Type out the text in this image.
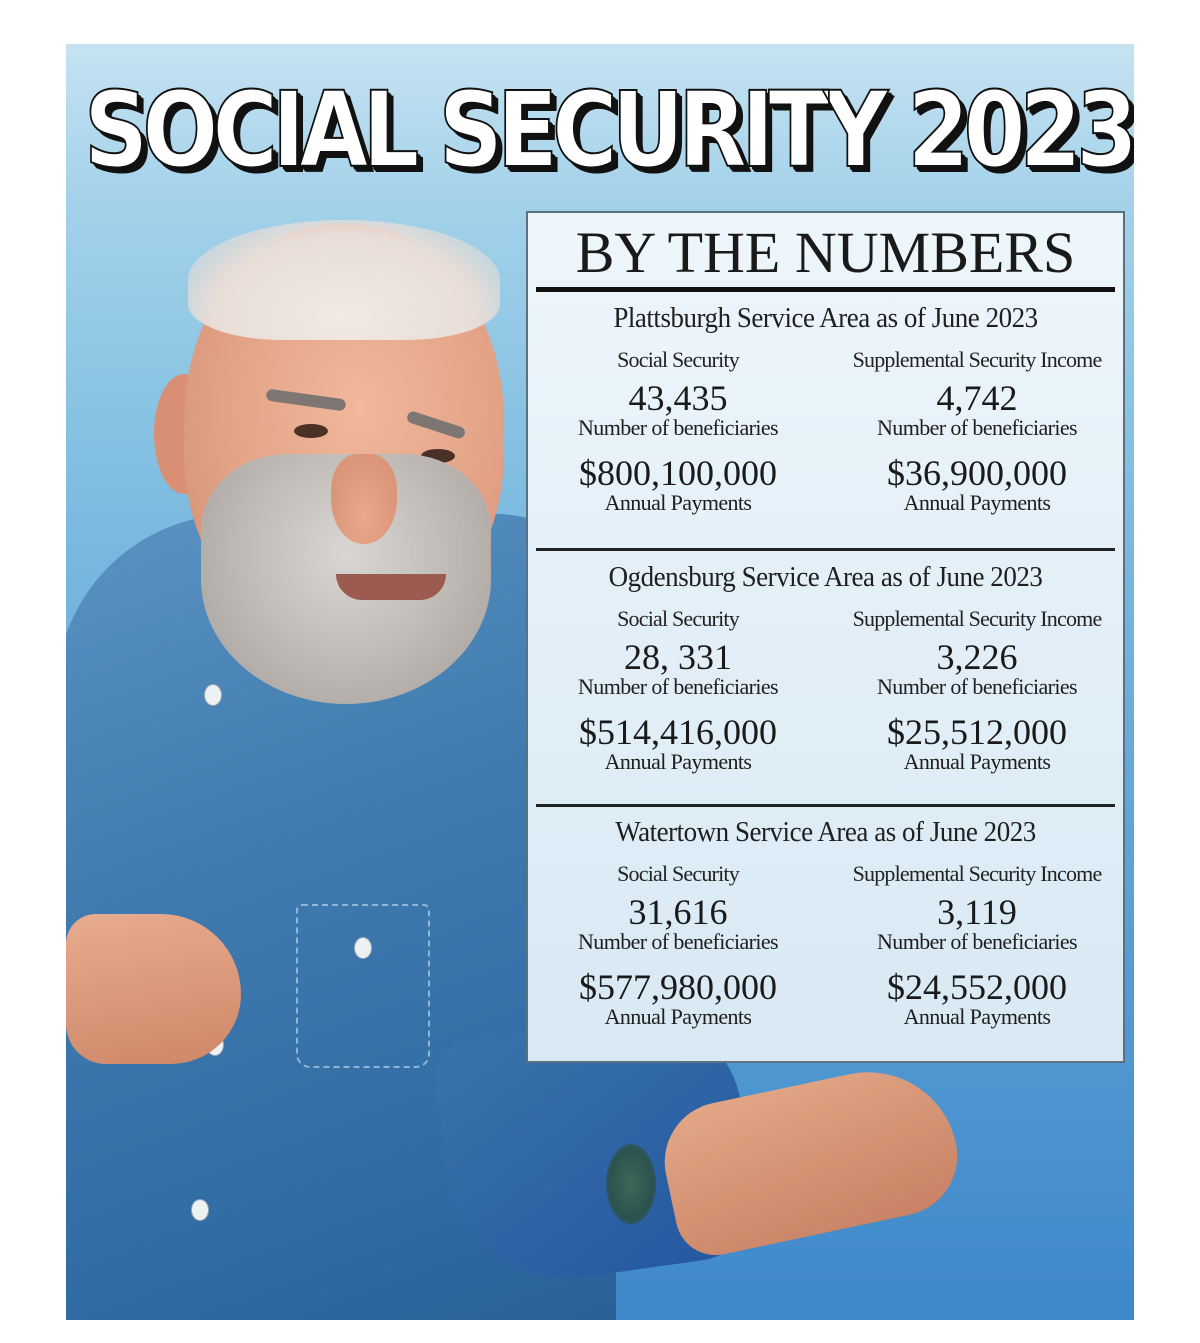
SOCIAL SECURITY 2023
BY THE NUMBERS
Plattsburgh Service Area as of June 2023
Social Security
43,435
Number of beneficiaries
$800,100,000
Annual Payments
Supplemental Security Income
4,742
Number of beneficiaries
$36,900,000
Annual Payments
Ogdensburg Service Area as of June 2023
Social Security
28, 331
Number of beneficiaries
$514,416,000
Annual Payments
Supplemental Security Income
3,226
Number of beneficiaries
$25,512,000
Annual Payments
Watertown Service Area as of June 2023
Social Security
31,616
Number of beneficiaries
$577,980,000
Annual Payments
Supplemental Security Income
3,119
Number of beneficiaries
$24,552,000
Annual Payments
